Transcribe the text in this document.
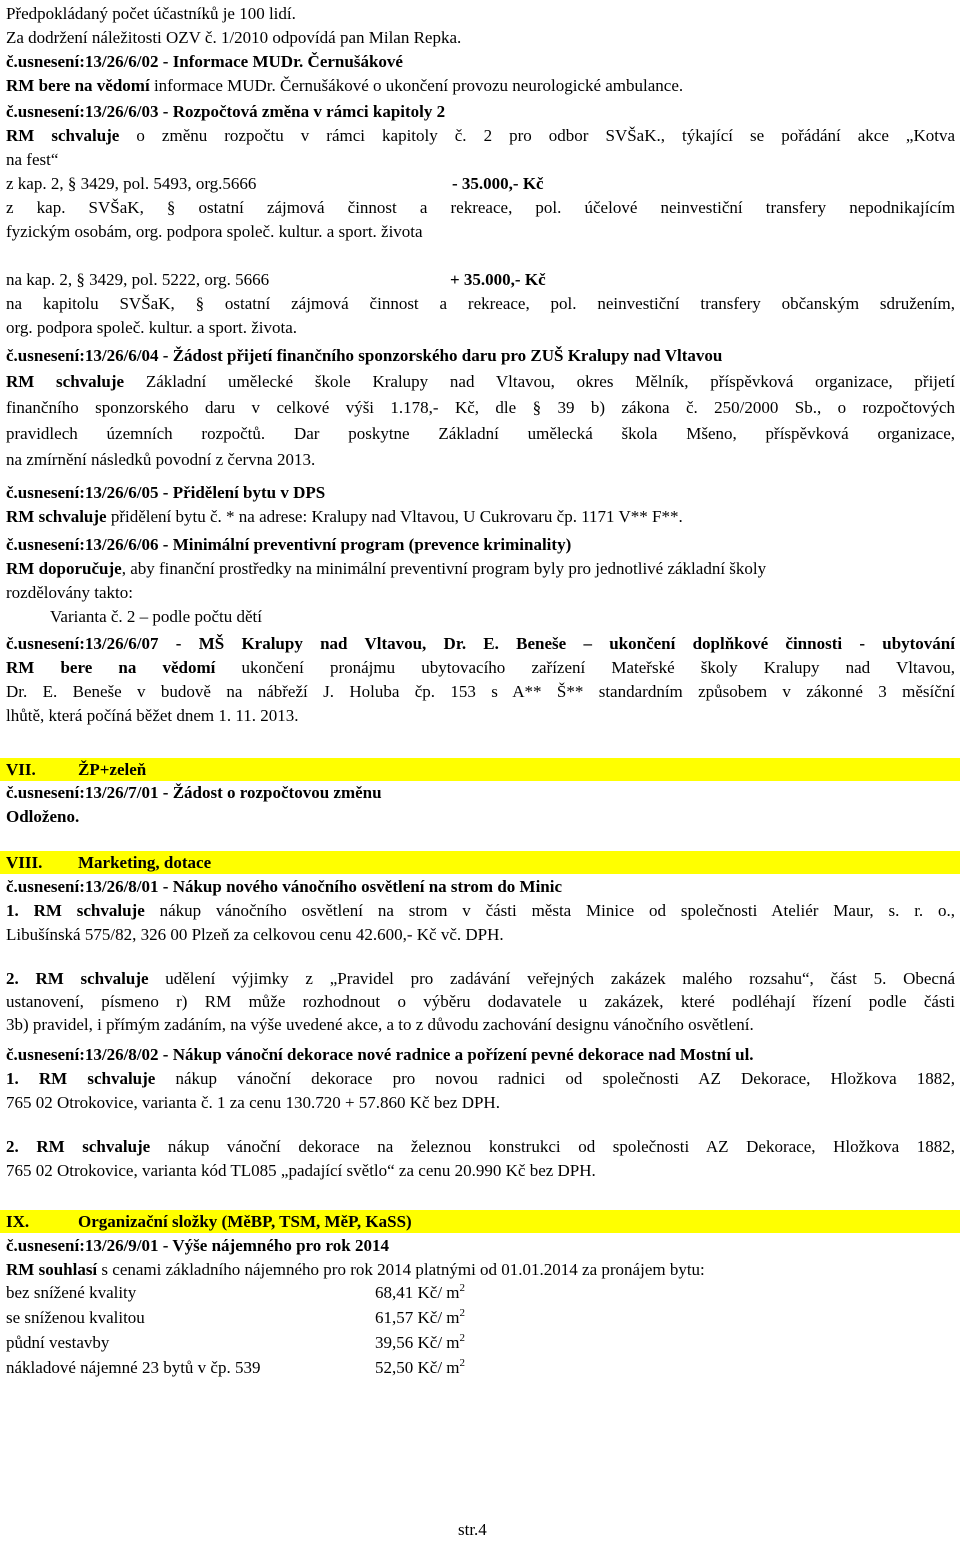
Předpokládaný počet účastníků je 100 lidí.
Za dodržení náležitosti OZV č. 1/2010 odpovídá pan Milan Repka.
č.usnesení:13/26/6/02 - Informace MUDr. Černušákové
RM bere na vědomí informace MUDr. Černušákové o ukončení provozu neurologické ambulance.
č.usnesení:13/26/6/03 - Rozpočtová změna v rámci kapitoly 2
RM schvaluje o změnu rozpočtu v rámci kapitoly č. 2 pro odbor SVŠaK., týkající se pořádání akce „Kotva
na fest“
z kap. 2, § 3429, pol. 5493, org.5666	- 35.000,- Kč
z kap. SVŠaK, § ostatní zájmová činnost a rekreace, pol. účelové neinvestiční transfery nepodnikajícím
fyzickým osobám, org. podpora společ. kultur. a sport. života
na kap. 2, § 3429, pol. 5222, org. 5666	+ 35.000,- Kč
na kapitolu SVŠaK, § ostatní zájmová činnost a rekreace, pol. neinvestiční transfery občanským sdružením,
org. podpora společ. kultur. a sport. života.
č.usnesení:13/26/6/04 - Žádost přijetí finančního sponzorského daru pro ZUŠ Kralupy nad Vltavou
RM schvaluje Základní umělecké škole Kralupy nad Vltavou, okres Mělník, příspěvková organizace, přijetí
finančního sponzorského daru v celkové výši 1.178,- Kč, dle § 39 b) zákona č. 250/2000 Sb., o rozpočtových
pravidlech územních rozpočtů. Dar poskytne Základní umělecká škola Mšeno, příspěvková organizace,
na zmírnění následků povodní z června 2013.
č.usnesení:13/26/6/05 - Přidělení bytu v DPS
RM schvaluje přidělení bytu č. * na adrese: Kralupy nad Vltavou, U Cukrovaru čp. 1171 V** F**.
č.usnesení:13/26/6/06 - Minimální preventivní program (prevence kriminality)
RM doporučuje, aby finanční prostředky na minimální preventivní program byly pro jednotlivé základní školy
rozdělovány takto:
Varianta č. 2 – podle počtu dětí
č.usnesení:13/26/6/07 - MŠ Kralupy nad Vltavou, Dr. E. Beneše – ukončení doplňkové činnosti - ubytování
RM bere na vědomí ukončení pronájmu ubytovacího zařízení Mateřské školy Kralupy nad Vltavou,
Dr. E. Beneše v budově na nábřeží J. Holuba čp. 153 s A** Š** standardním způsobem v zákonné 3 měsíční
lhůtě, která počíná běžet dnem 1. 11. 2013.
VII. ŽP+zeleň
č.usnesení:13/26/7/01 - Žádost o rozpočtovou změnu
Odloženo.
VIII. Marketing, dotace
č.usnesení:13/26/8/01 - Nákup nového vánočního osvětlení na strom do Minic
1. RM schvaluje nákup vánočního osvětlení na strom v části města Minice od společnosti Ateliér Maur, s. r. o.,
Libušínská 575/82, 326 00 Plzeň za celkovou cenu 42.600,- Kč vč. DPH.
2. RM schvaluje udělení výjimky z „Pravidel pro zadávání veřejných zakázek malého rozsahu“, část 5. Obecná
ustanovení, písmeno r) RM může rozhodnout o výběru dodavatele u zakázek, které podléhají řízení podle části
3b) pravidel, i přímým zadáním, na výše uvedené akce, a to z důvodu zachování designu vánočního osvětlení.
č.usnesení:13/26/8/02 - Nákup vánoční dekorace nové radnice a pořízení pevné dekorace nad Mostní ul.
1. RM schvaluje nákup vánoční dekorace pro novou radnici od společnosti AZ Dekorace, Hložkova 1882,
765 02 Otrokovice, varianta č. 1 za cenu 130.720 + 57.860 Kč bez DPH.
2. RM schvaluje nákup vánoční dekorace na železnou konstrukci od společnosti AZ Dekorace, Hložkova 1882,
765 02 Otrokovice, varianta kód TL085 „padající světlo“ za cenu 20.990 Kč bez DPH.
IX.	Organizační složky (MěBP, TSM, MěP, KaSS)
č.usnesení:13/26/9/01 - Výše nájemného pro rok 2014
RM souhlasí s cenami základního nájemného pro rok 2014 platnými od 01.01.2014 za pronájem bytu:
bez snížené kvality	68,41 Kč/ $m^2$
se sníženou kvalitou	61,57 Kč/ $m^2$
půdní vestavby	39,56 Kč/ $m^2$
nákladové nájemné 23 bytů v čp. 539	52,50 Kč/ $m^2$
str.4
